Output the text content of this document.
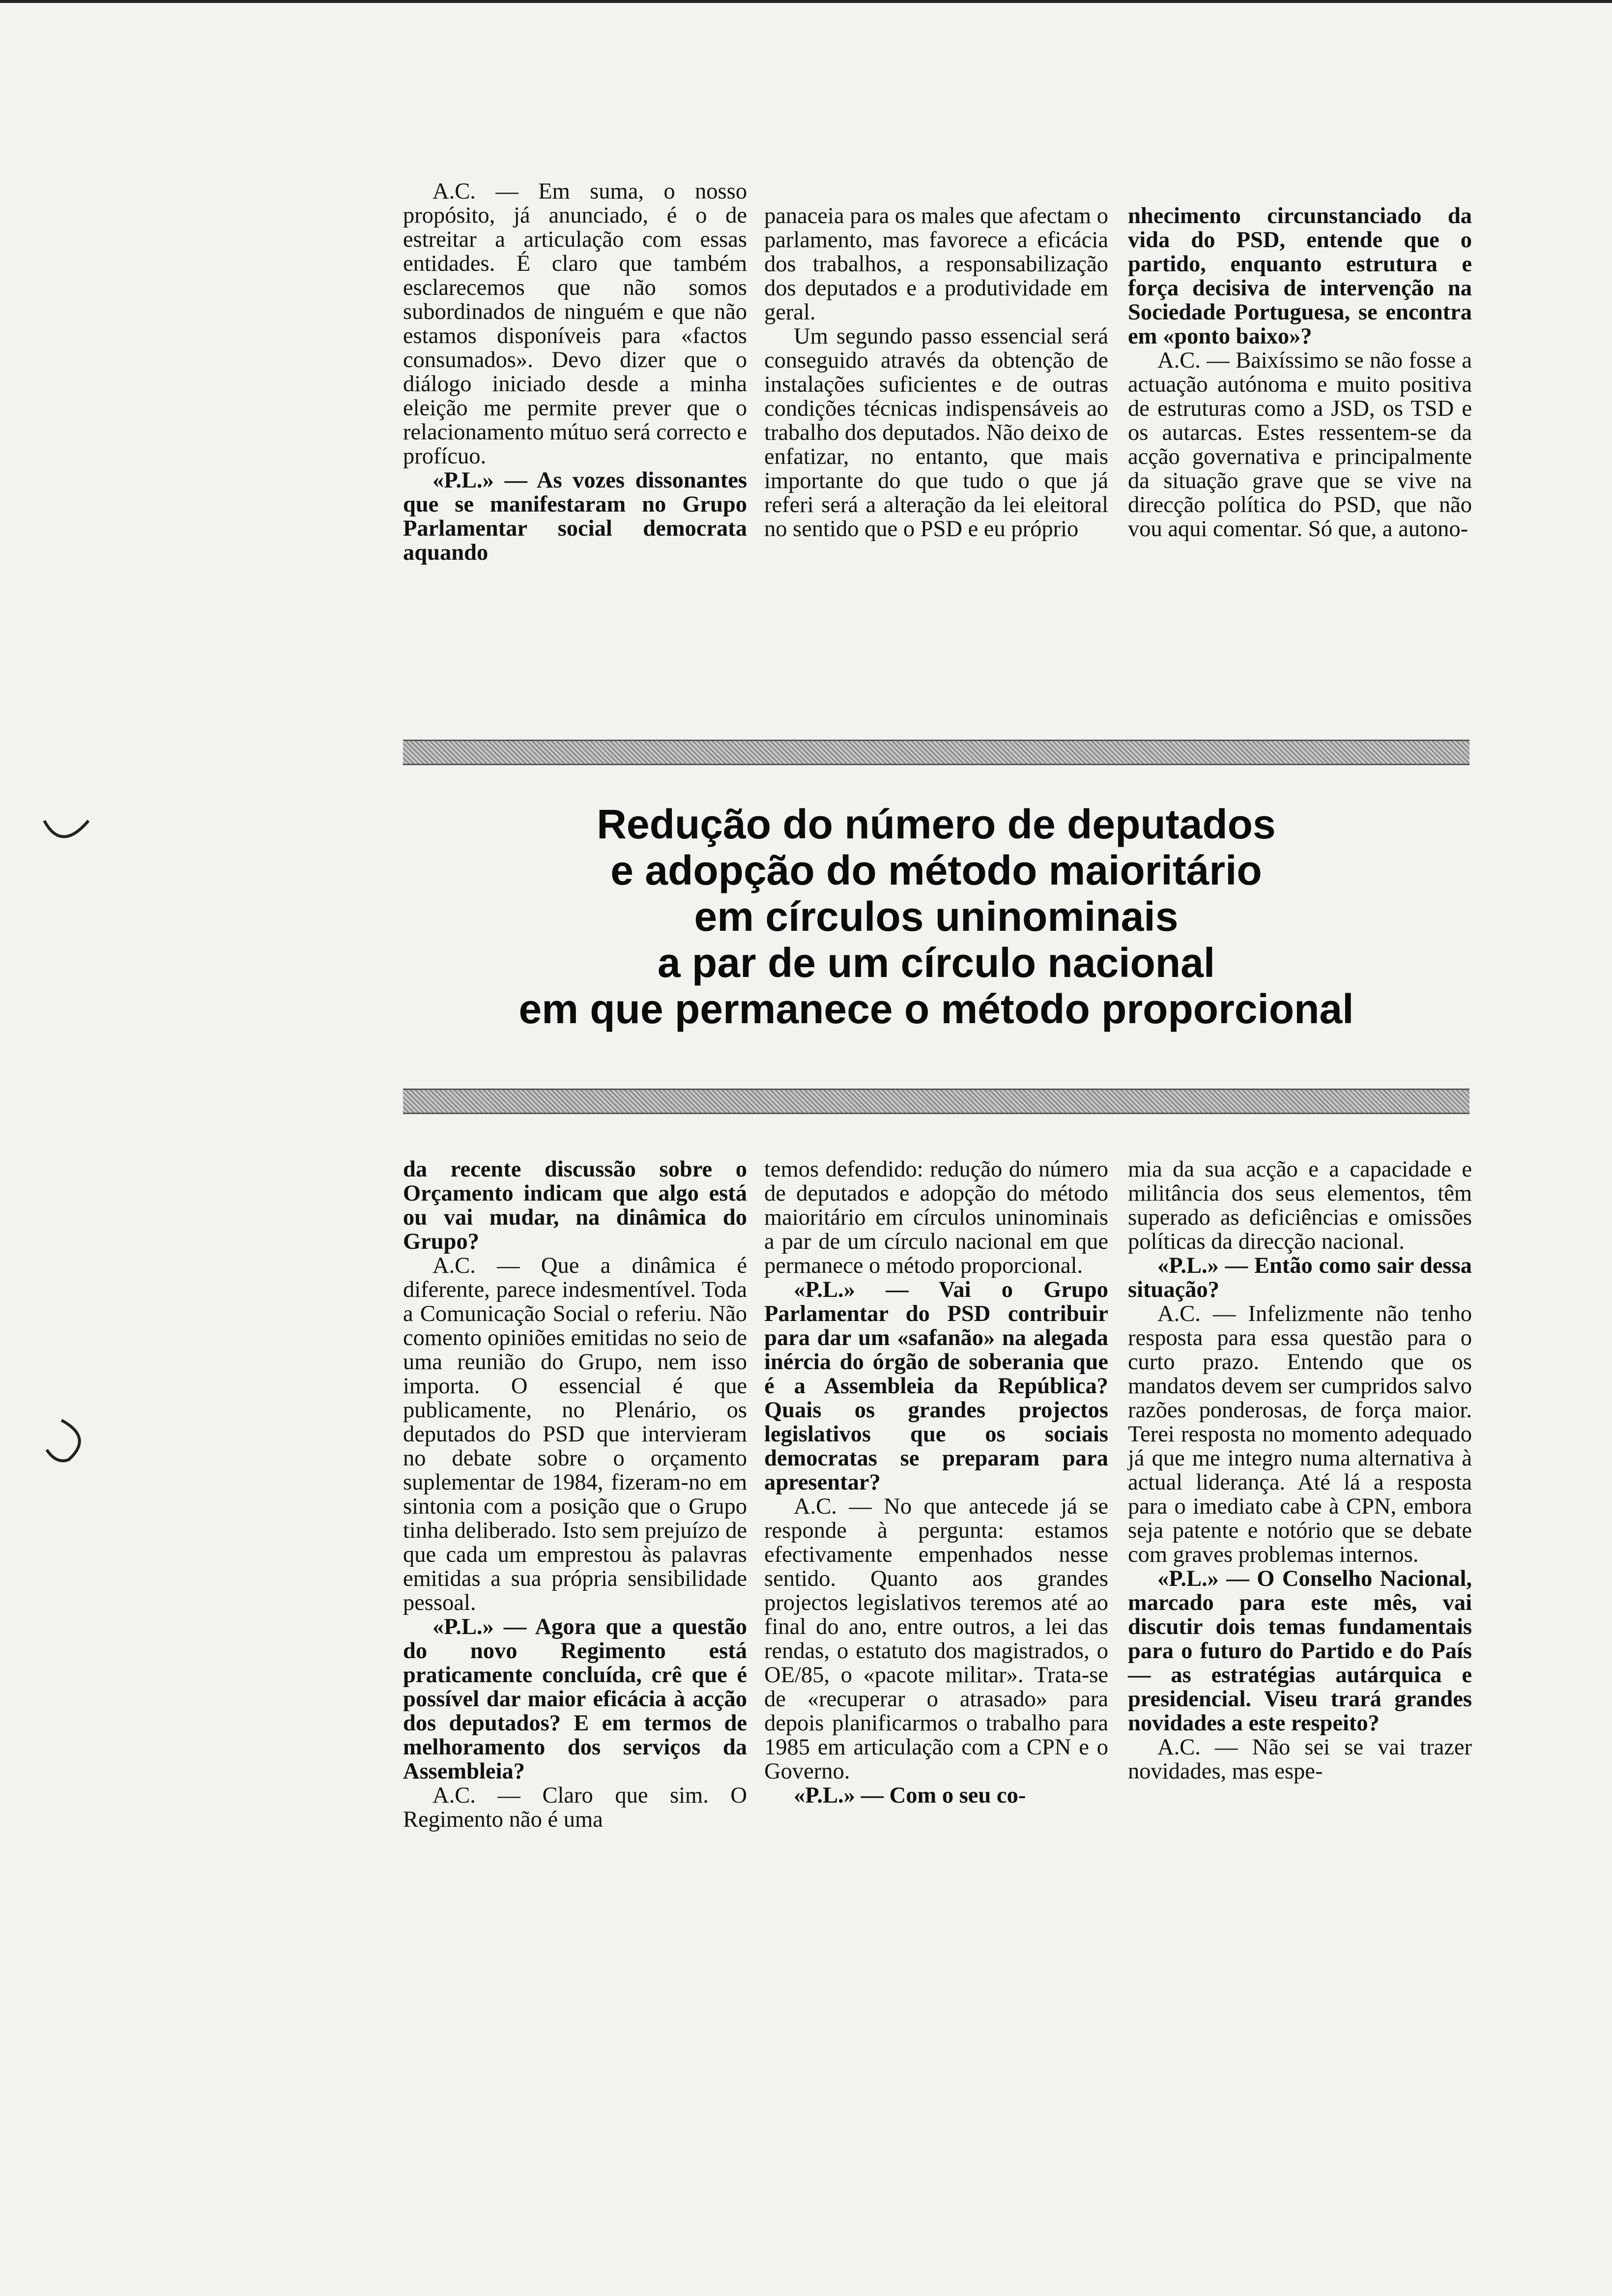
A.C. — Em suma, o nosso propósito, já anunciado, é o de estreitar a articulação com essas entidades. É claro que também esclarecemos que não somos subordinados de ninguém e que não estamos disponíveis para «factos consumados». Devo dizer que o diálogo iniciado desde a minha eleição me permite prever que o relacionamento mútuo será correcto e profícuo.

«P.L.» — As vozes dissonantes que se manifestaram no Grupo Parlamentar social democrata aquando

panaceia para os males que afectam o parlamento, mas favorece a eficácia dos trabalhos, a responsabilização dos deputados e a produtividade em geral.

Um segundo passo essencial será conseguido através da obtenção de instalações suficientes e de outras condições técnicas indispensáveis ao trabalho dos deputados. Não deixo de enfatizar, no entanto, que mais importante do que tudo o que já referi será a alteração da lei eleitoral no sentido que o PSD e eu próprio

nhecimento circunstanciado da vida do PSD, entende que o partido, enquanto estrutura e força decisiva de intervenção na Sociedade Portuguesa, se encontra em «ponto baixo»?

A.C. — Baixíssimo se não fosse a actuação autónoma e muito positiva de estruturas como a JSD, os TSD e os autarcas. Estes ressentem-se da acção governativa e principalmente da situação grave que se vive na direcção política do PSD, que não vou aqui comentar. Só que, a autono-

Redução do número de deputados
e adopção do método maioritário
em círculos uninominais
a par de um círculo nacional
em que permanece o método proporcional

da recente discussão sobre o Orçamento indicam que algo está ou vai mudar, na dinâmica do Grupo?

A.C. — Que a dinâmica é diferente, parece indesmentível. Toda a Comunicação Social o referiu. Não comento opiniões emitidas no seio de uma reunião do Grupo, nem isso importa. O essencial é que publicamente, no Plenário, os deputados do PSD que intervieram no debate sobre o orçamento suplementar de 1984, fizeram-no em sintonia com a posição que o Grupo tinha deliberado. Isto sem prejuízo de que cada um emprestou às palavras emitidas a sua própria sensibilidade pessoal.

«P.L.» — Agora que a questão do novo Regimento está praticamente concluída, crê que é possível dar maior eficácia à acção dos deputados? E em termos de melhoramento dos serviços da Assembleia?

A.C. — Claro que sim. O Regimento não é uma

temos defendido: redução do número de deputados e adopção do método maioritário em círculos uninominais a par de um círculo nacional em que permanece o método proporcional.

«P.L.» — Vai o Grupo Parlamentar do PSD contribuir para dar um «safanão» na alegada inércia do órgão de soberania que é a Assembleia da República? Quais os grandes projectos legislativos que os sociais democratas se preparam para apresentar?

A.C. — No que antecede já se responde à pergunta: estamos efectivamente empenhados nesse sentido. Quanto aos grandes projectos legislativos teremos até ao final do ano, entre outros, a lei das rendas, o estatuto dos magistrados, o OE/85, o «pacote militar». Trata-se de «recuperar o atrasado» para depois planificarmos o trabalho para 1985 em articulação com a CPN e o Governo.

«P.L.» — Com o seu co-

mia da sua acção e a capacidade e militância dos seus elementos, têm superado as deficiências e omissões políticas da direcção nacional.

«P.L.» — Então como sair dessa situação?

A.C. — Infelizmente não tenho resposta para essa questão para o curto prazo. Entendo que os mandatos devem ser cumpridos salvo razões ponderosas, de força maior. Terei resposta no momento adequado já que me integro numa alternativa à actual liderança. Até lá a resposta para o imediato cabe à CPN, embora seja patente e notório que se debate com graves problemas internos.

«P.L.» — O Conselho Nacional, marcado para este mês, vai discutir dois temas fundamentais para o futuro do Partido e do País — as estratégias autárquica e presidencial. Viseu trará grandes novidades a este respeito?

A.C. — Não sei se vai trazer novidades, mas espe-
